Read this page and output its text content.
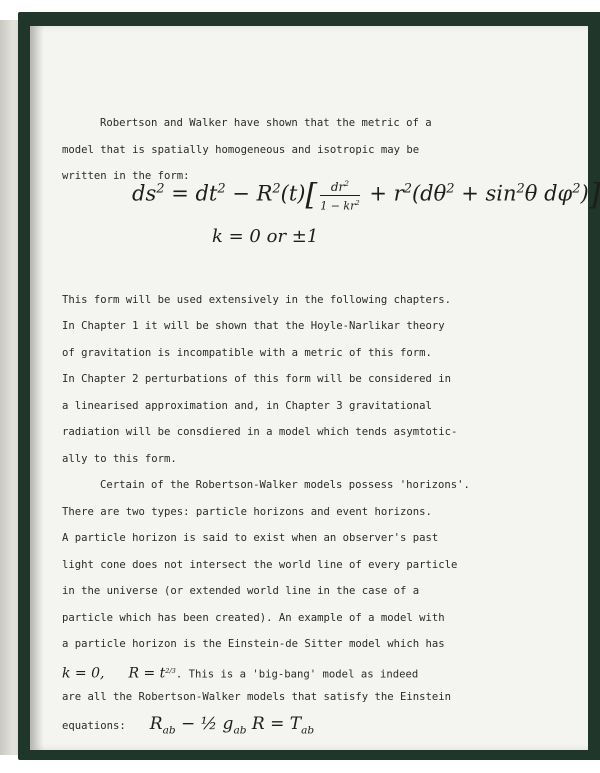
Robertson and Walker have shown that the metric of a
model that is spatially homogeneous and isotropic may be
written in the form:
This form will be used extensively in the following chapters.
In Chapter 1 it will be shown that the Hoyle-Narlikar theory
of gravitation is incompatible with a metric of this form.
In Chapter 2 perturbations of this form will be considered in
a linearised approximation and, in Chapter 3 gravitational
radiation will be consdiered in a model which tends asymtotic-
ally to this form.
Certain of the Robertson-Walker models possess 'horizons'.
There are two types: particle horizons and event horizons.
A particle horizon is said to exist when an observer's past
light cone does not intersect the world line of every particle
in the universe (or extended world line in the case of a
particle which has been created). An example of a model with
a particle horizon is the Einstein-de Sitter model which has
k = 0, $R = t^{2/3}$. This is a 'big-bang' model as indeed
are all the Robertson-Walker models that satisfy the Einstein
equations: $R_{ab}$ − ½ $g_{ab}$ $R = T_{ab}$
$ds^2 = dt^2 - R^2(t)[ \frac{dr^2}{1 - kr^2} + r^2(d\theta^2 + \sin^2\theta$ $d\varphi^2$)]
k = 0 or ±1
